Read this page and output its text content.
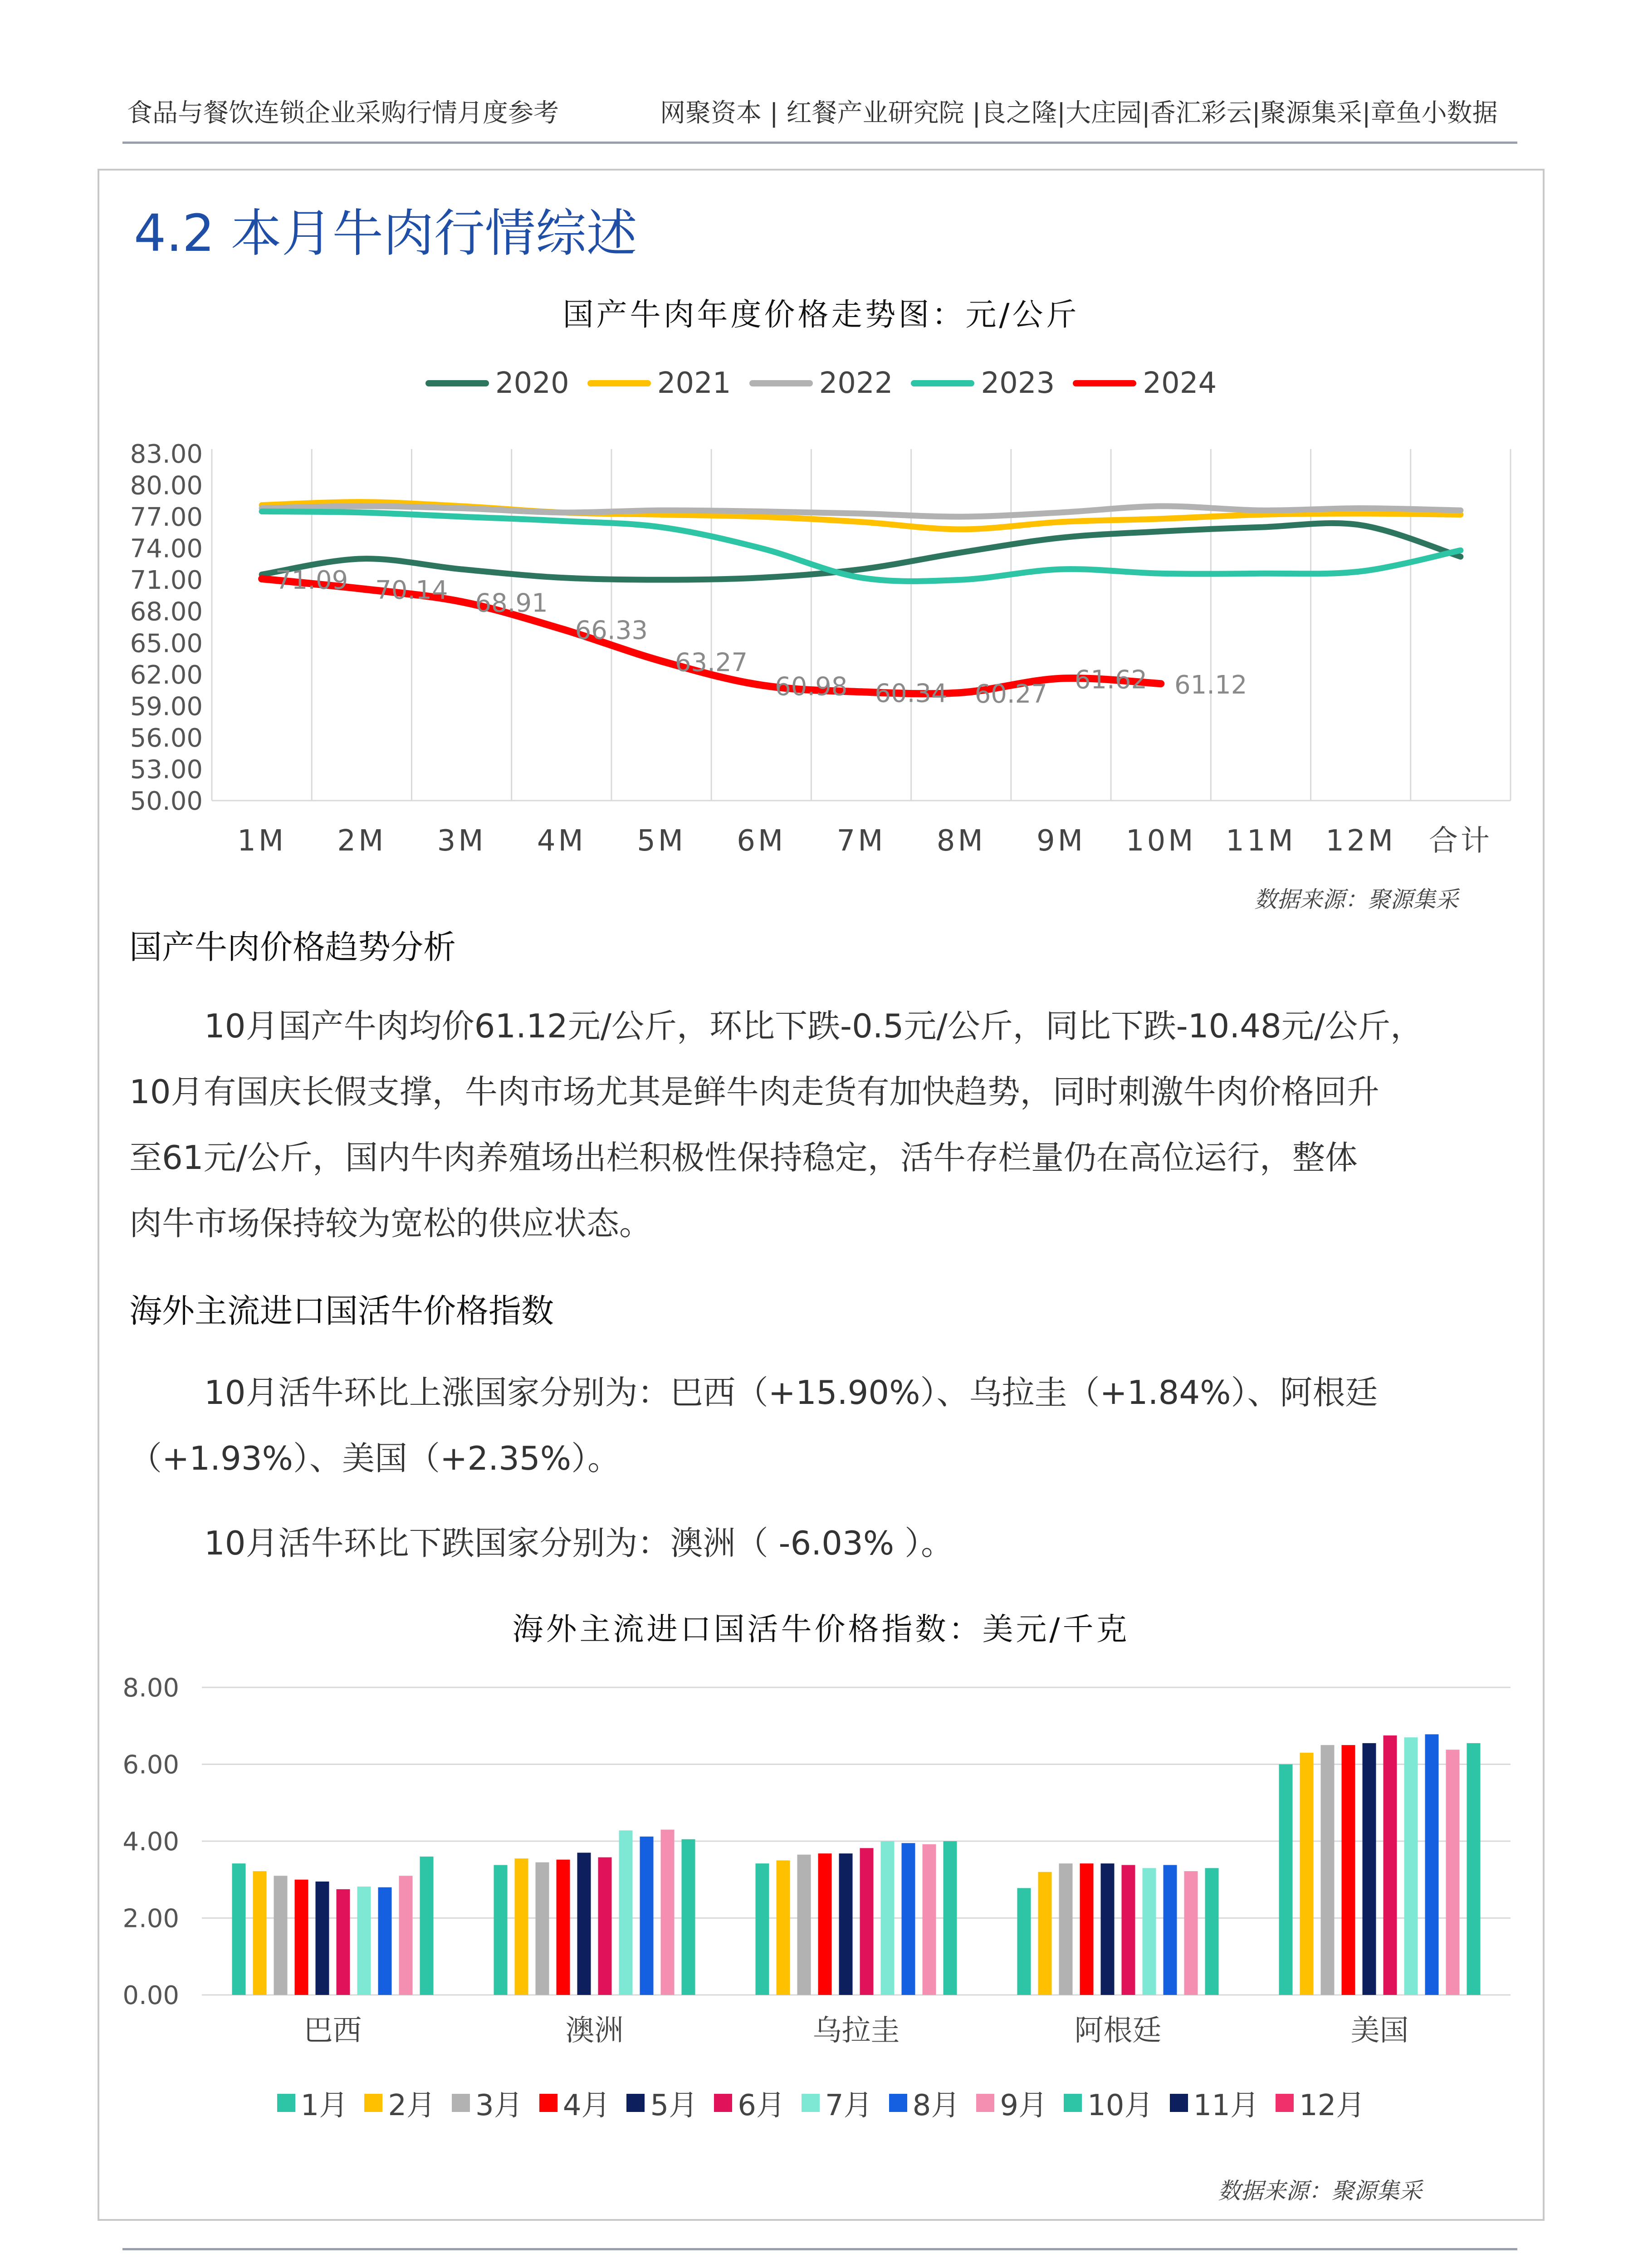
食品与餐饮连锁企业采购行情月度参考	网聚资本 | 红餐产业研究院 |良之隆|大庄园|香汇彩云|聚源集采|章鱼小数据
4.2 本月牛肉行情综述
国产牛肉年度价格走势图：元/公斤
2020	2021	2022	2023	2024
83.00
80.00
77.00
74.00
71.00
68.00
65.00
62.00
59.00
56.00
53.00
50.00
1M 2M 3M 4M 5M 6M 7M 8M 9M 10M 11M 12M 合计
71.09 70.14 68.91
66.33
63.27
60.98 60.34 60.27 61.62 61.12
数据来源：聚源集采
国产牛肉价格趋势分析
10月国产牛肉均价61.12元/公斤，环比下跌-0.5元/公斤，同比下跌-10.48元/公斤，
10月有国庆长假支撑，牛肉市场尤其是鲜牛肉走货有加快趋势，同时刺激牛肉价格回升
至61元/公斤，国内牛肉养殖场出栏积极性保持稳定，活牛存栏量仍在高位运行，整体
肉牛市场保持较为宽松的供应状态。
海外主流进口国活牛价格指数
10月活牛环比上涨国家分别为：巴西（+15.90%）、乌拉圭（+1.84%）、阿根廷
（+1.93%）、美国（+2.35%）。
10月活牛环比下跌国家分别为：澳洲（ -6.03% ）。
海外主流进口国活牛价格指数：美元/千克
8.00
6.00
4.00
2.00
0.00
巴西	澳洲	乌拉圭	阿根廷	美国
1月 2月 3月 4月 5月 6月 7月 8月 9月 10月 11月 12月
数据来源：聚源集采
